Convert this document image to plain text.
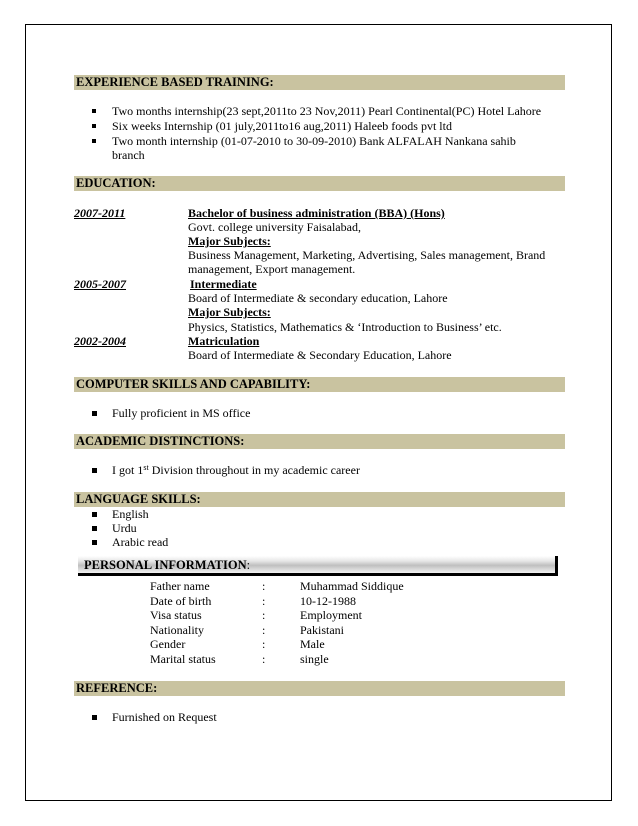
EXPERIENCE BASED TRAINING:
Two months internship(23 sept,2011to 23 Nov,2011) Pearl Continental(PC) Hotel Lahore
Six weeks Internship (01 july,2011to16 aug,2011) Haleeb foods pvt ltd
Two month internship (01-07-2010 to 30-09-2010) Bank ALFALAH Nankana sahib
branch
EDUCATION:
2007-2011	Bachelor of business administration (BBA) (Hons)
Govt. college university Faisalabad,
Major Subjects:
Business Management, Marketing, Advertising, Sales management, Brand
management, Export management.
2005-2007	Intermediate
Board of Intermediate & secondary education, Lahore
Major Subjects:
Physics, Statistics, Mathematics & ‘Introduction to Business’ etc.
2002-2004	Matriculation
Board of Intermediate & Secondary Education, Lahore
COMPUTER SKILLS AND CAPABILITY:
Fully proficient in MS office
ACADEMIC DISTINCTIONS:
I got 1st Division throughout in my academic career
LANGUAGE SKILLS:
English
Urdu
Arabic read
PERSONAL INFORMATION:
Father name	:	Muhammad Siddique
Date of birth	:	10-12-1988
Visa status	:	Employment
Nationality	:	Pakistani
Gender	:	Male
Marital status	:	single
REFERENCE:
Furnished on Request
